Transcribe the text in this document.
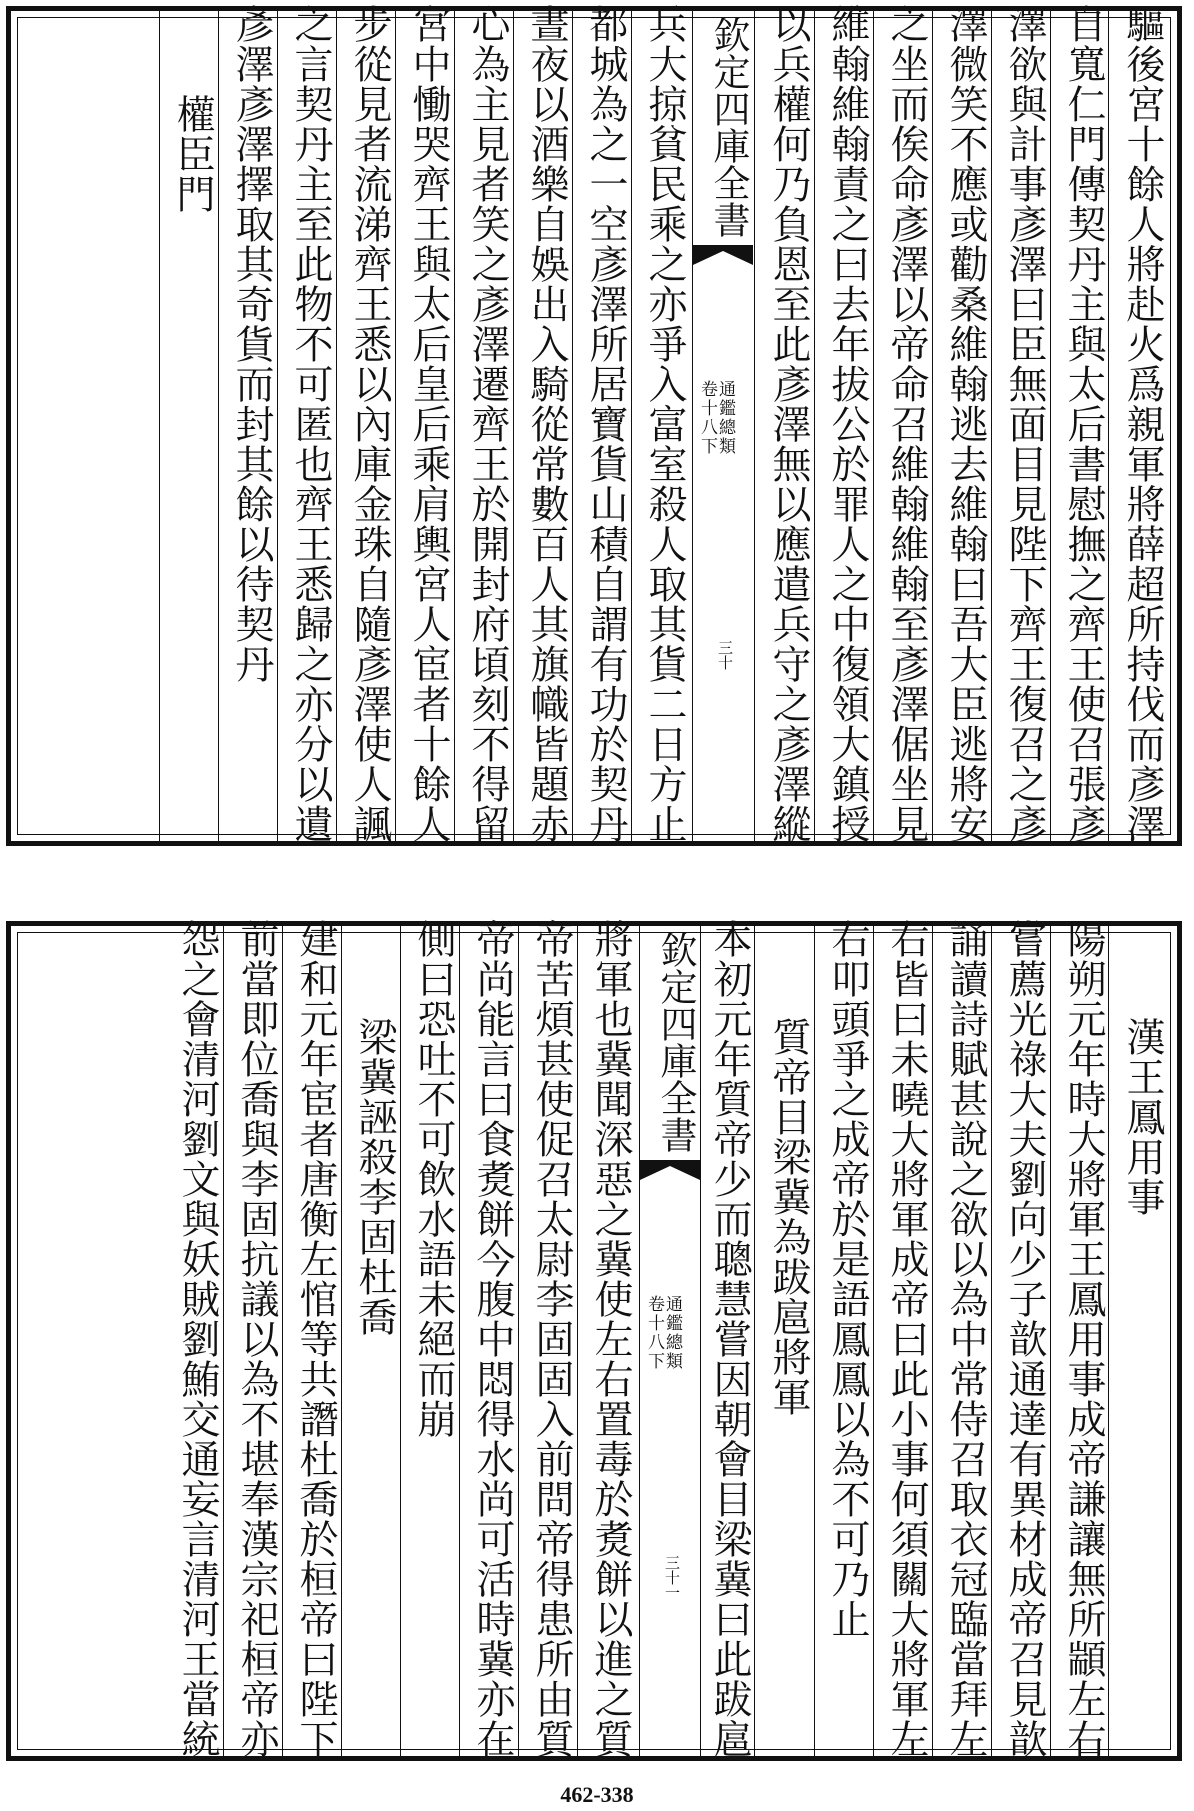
驅後宮十餘人將赴火爲親軍將薛超所持伐而彥澤
自寬仁門傳契丹主與太后書慰撫之齊王使召張彥
澤欲與計事彥澤曰臣無面目見陛下齊王復召之彥
澤微笑不應或勸桑維翰逃去維翰曰吾大臣逃將安
之坐而俟命彥澤以帝命召維翰維翰至彥澤倨坐見
維翰維翰責之曰去年拔公於罪人之中復領大鎮授
以兵權何乃負恩至此彥澤無以應遣兵守之彥澤縱
欽定四庫全書
通鑑總類
卷十八下
三十
兵大掠貧民乘之亦爭入富室殺人取其貨二日方止
都城為之一空彥澤所居寶貨山積自謂有功於契丹
晝夜以酒樂自娛出入騎從常數百人其旗幟皆題赤
心為主見者笑之彥澤遷齊王於開封府頃刻不得留
宮中慟哭齊王與太后皇后乘肩輿宮人宦者十餘人
步從見者流涕齊王悉以內庫金珠自隨彥澤使人諷
之言契丹主至此物不可匿也齊王悉歸之亦分以遺
彥澤彥澤擇取其奇貨而封其餘以待契丹
權臣門
漢王鳳用事
陽朔元年時大將軍王鳳用事成帝謙讓無所顓左右
嘗薦光祿大夫劉向少子歆通達有異材成帝召見歆
誦讀詩賦甚說之欲以為中常侍召取衣冠臨當拜左
右皆曰未曉大將軍成帝曰此小事何須關大將軍左
右叩頭爭之成帝於是語鳳鳳以為不可乃止
質帝目梁冀為跋扈將軍
本初元年質帝少而聰慧嘗因朝會目梁冀曰此跋扈
欽定四庫全書
通鑑總類
卷十八下
三十一
將軍也冀聞深惡之冀使左右置毒於煑餅以進之質
帝苦煩甚使促召太尉李固固入前問帝得患所由質
帝尚能言曰食煑餅今腹中悶得水尚可活時冀亦在
側曰恐吐不可飲水語未絕而崩
梁冀誣殺李固杜喬
建和元年宦者唐衡左悺等共譖杜喬於桓帝曰陛下
前當即位喬與李固抗議以為不堪奉漢宗祀桓帝亦
怨之會清河劉文與妖賊劉鮪交通妄言清河王當統
462-338
